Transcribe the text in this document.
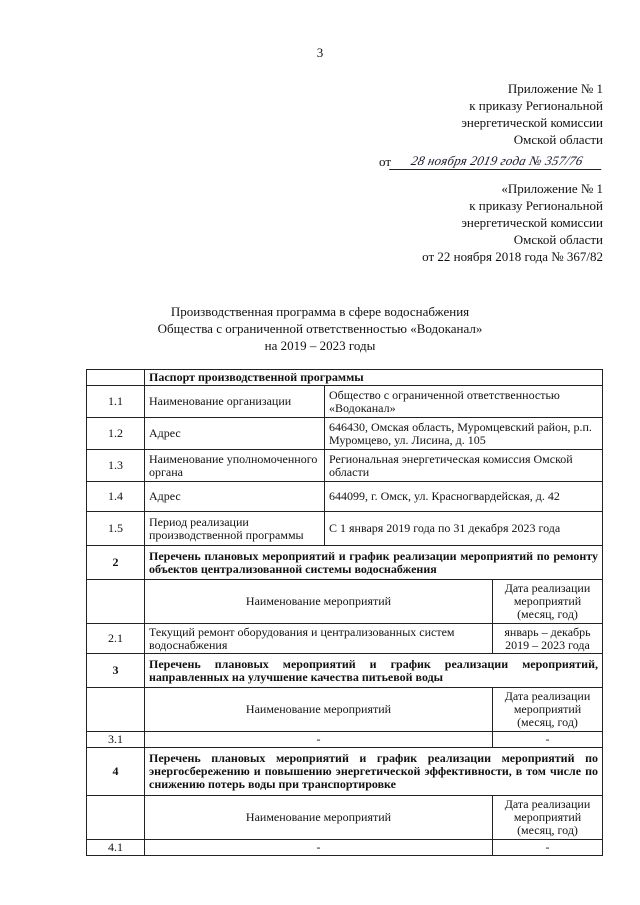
3
Приложение № 1
к приказу Региональной
энергетической комиссии
Омской области
от	28 ноября 2019 года № 357/76
«Приложение № 1
к приказу Региональной
энергетической комиссии
Омской области
от 22 ноября 2018 года № 367/82
Производственная программа в сфере водоснабжения
Общества с ограниченной ответственностью «Водоканал»
на 2019 – 2023 годы
	Паспорт производственной программы		
1.1	Наименование организации	Общество с ограниченной ответственностью «Водоканал»	
1.2	Адрес	646430, Омская область, Муромцевский район, р.п. Муромцево, ул. Лисина, д. 105	
1.3	Наименование уполномоченного органа	Региональная энергетическая комиссия Омской области	
1.4	Адрес	644099, г. Омск, ул. Красногвардейская, д. 42	
1.5	Период реализации производственной программы	С 1 января 2019 года по 31 декабря 2023 года	
2	Перечень плановых мероприятий и график реализации мероприятий по ремонту объектов централизованной системы водоснабжения		
	Наименование мероприятий		Дата реализации мероприятий (месяц, год)
2.1	Текущий ремонт оборудования и централизованных систем водоснабжения		январь – декабрь 2019 – 2023 года
3	Перечень плановых мероприятий и график реализации мероприятий, направленных на улучшение качества питьевой воды		
	Наименование мероприятий		Дата реализации мероприятий (месяц, год)
3.1	-		-
4	Перечень плановых мероприятий и график реализации мероприятий по энергосбережению и повышению энергетической эффективности, в том числе по снижению потерь воды при транспортировке		
	Наименование мероприятий		Дата реализации мероприятий (месяц, год)
4.1	-		-
